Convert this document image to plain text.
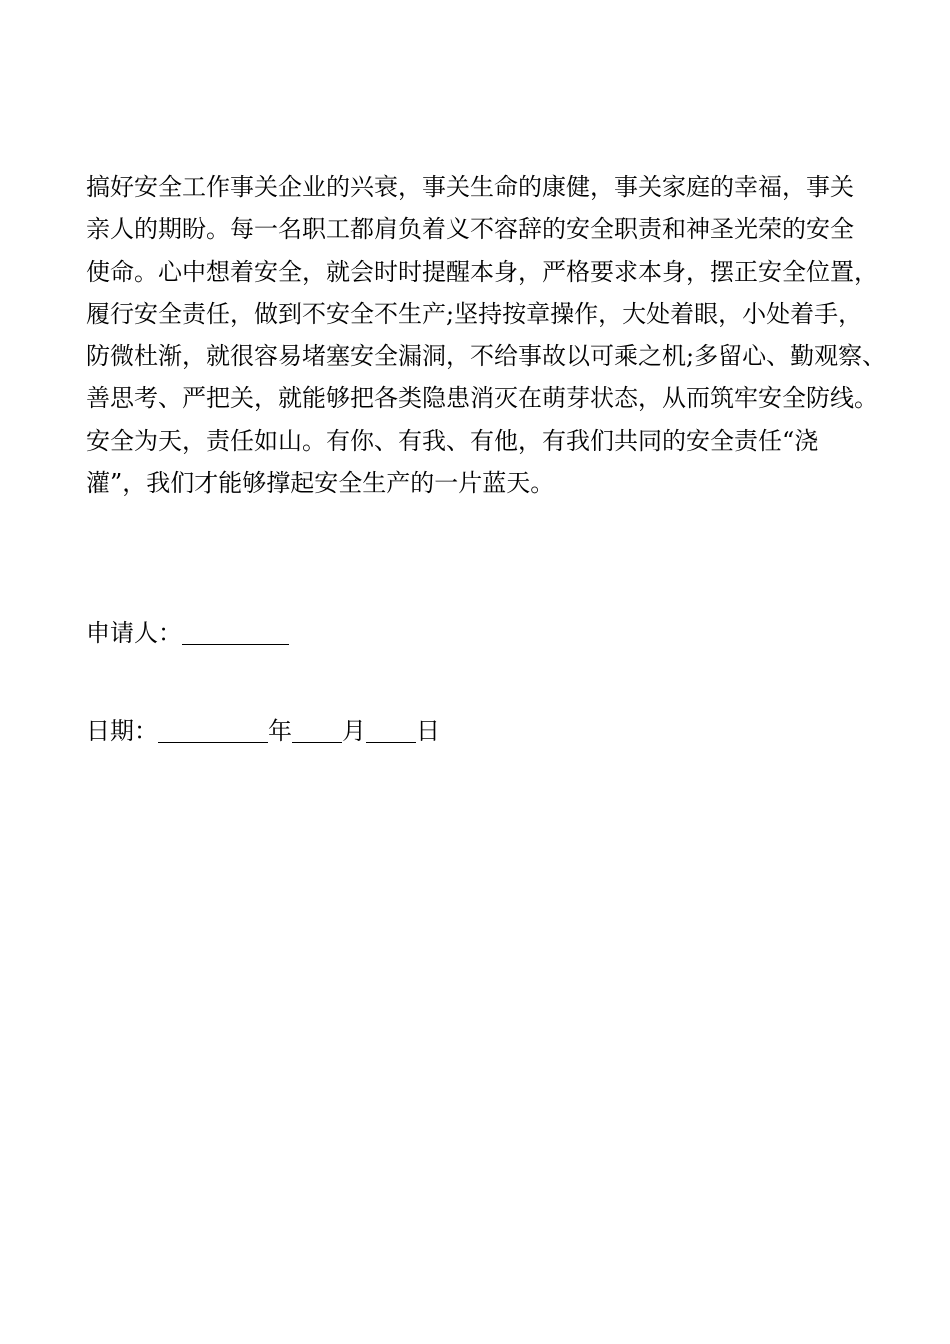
搞好安全工作事关企业的兴衰，事关生命的康健，事关家庭的幸福，事关
亲人的期盼。每一名职工都肩负着义不容辞的安全职责和神圣光荣的安全
使命。心中想着安全，就会时时提醒本身，严格要求本身，摆正安全位置，
履行安全责任，做到不安全不生产;坚持按章操作，大处着眼，小处着手，
防微杜渐，就很容易堵塞安全漏洞，不给事故以可乘之机;多留心、勤观察、
善思考、严把关，就能够把各类隐患消灭在萌芽状态，从而筑牢安全防线。
安全为天，责任如山。有你、有我、有他，有我们共同的安全责任“浇
灌”，我们才能够撑起安全生产的一片蓝天。
申请人：
日期：	年 月 日
